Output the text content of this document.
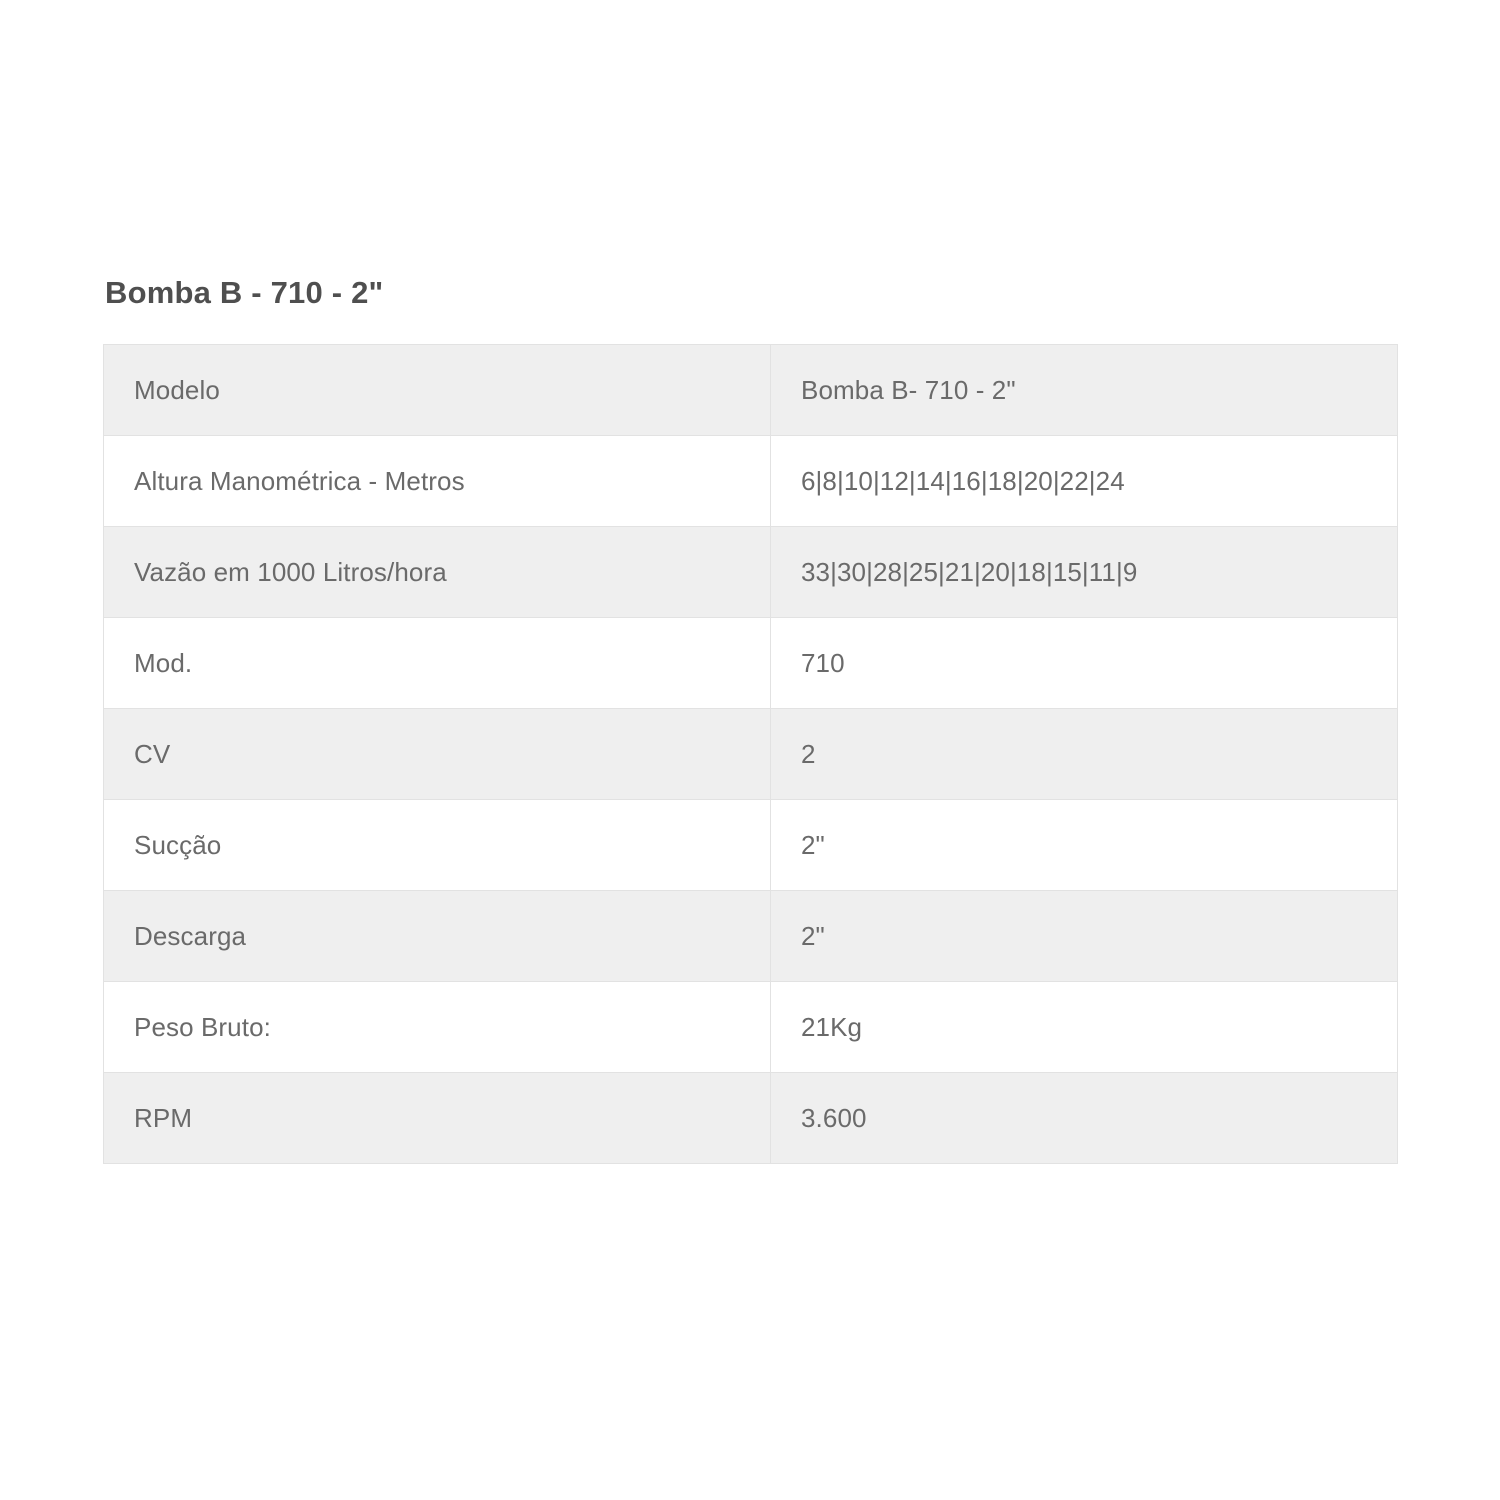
Bomba B - 710 - 2"
Modelo	Bomba B- 710 - 2"
Altura Manométrica - Metros	6|8|10|12|14|16|18|20|22|24
Vazão em 1000 Litros/hora	33|30|28|25|21|20|18|15|11|9
Mod.	710
CV	2
Sucção	2"
Descarga	2"
Peso Bruto:	21Kg
RPM	3.600
